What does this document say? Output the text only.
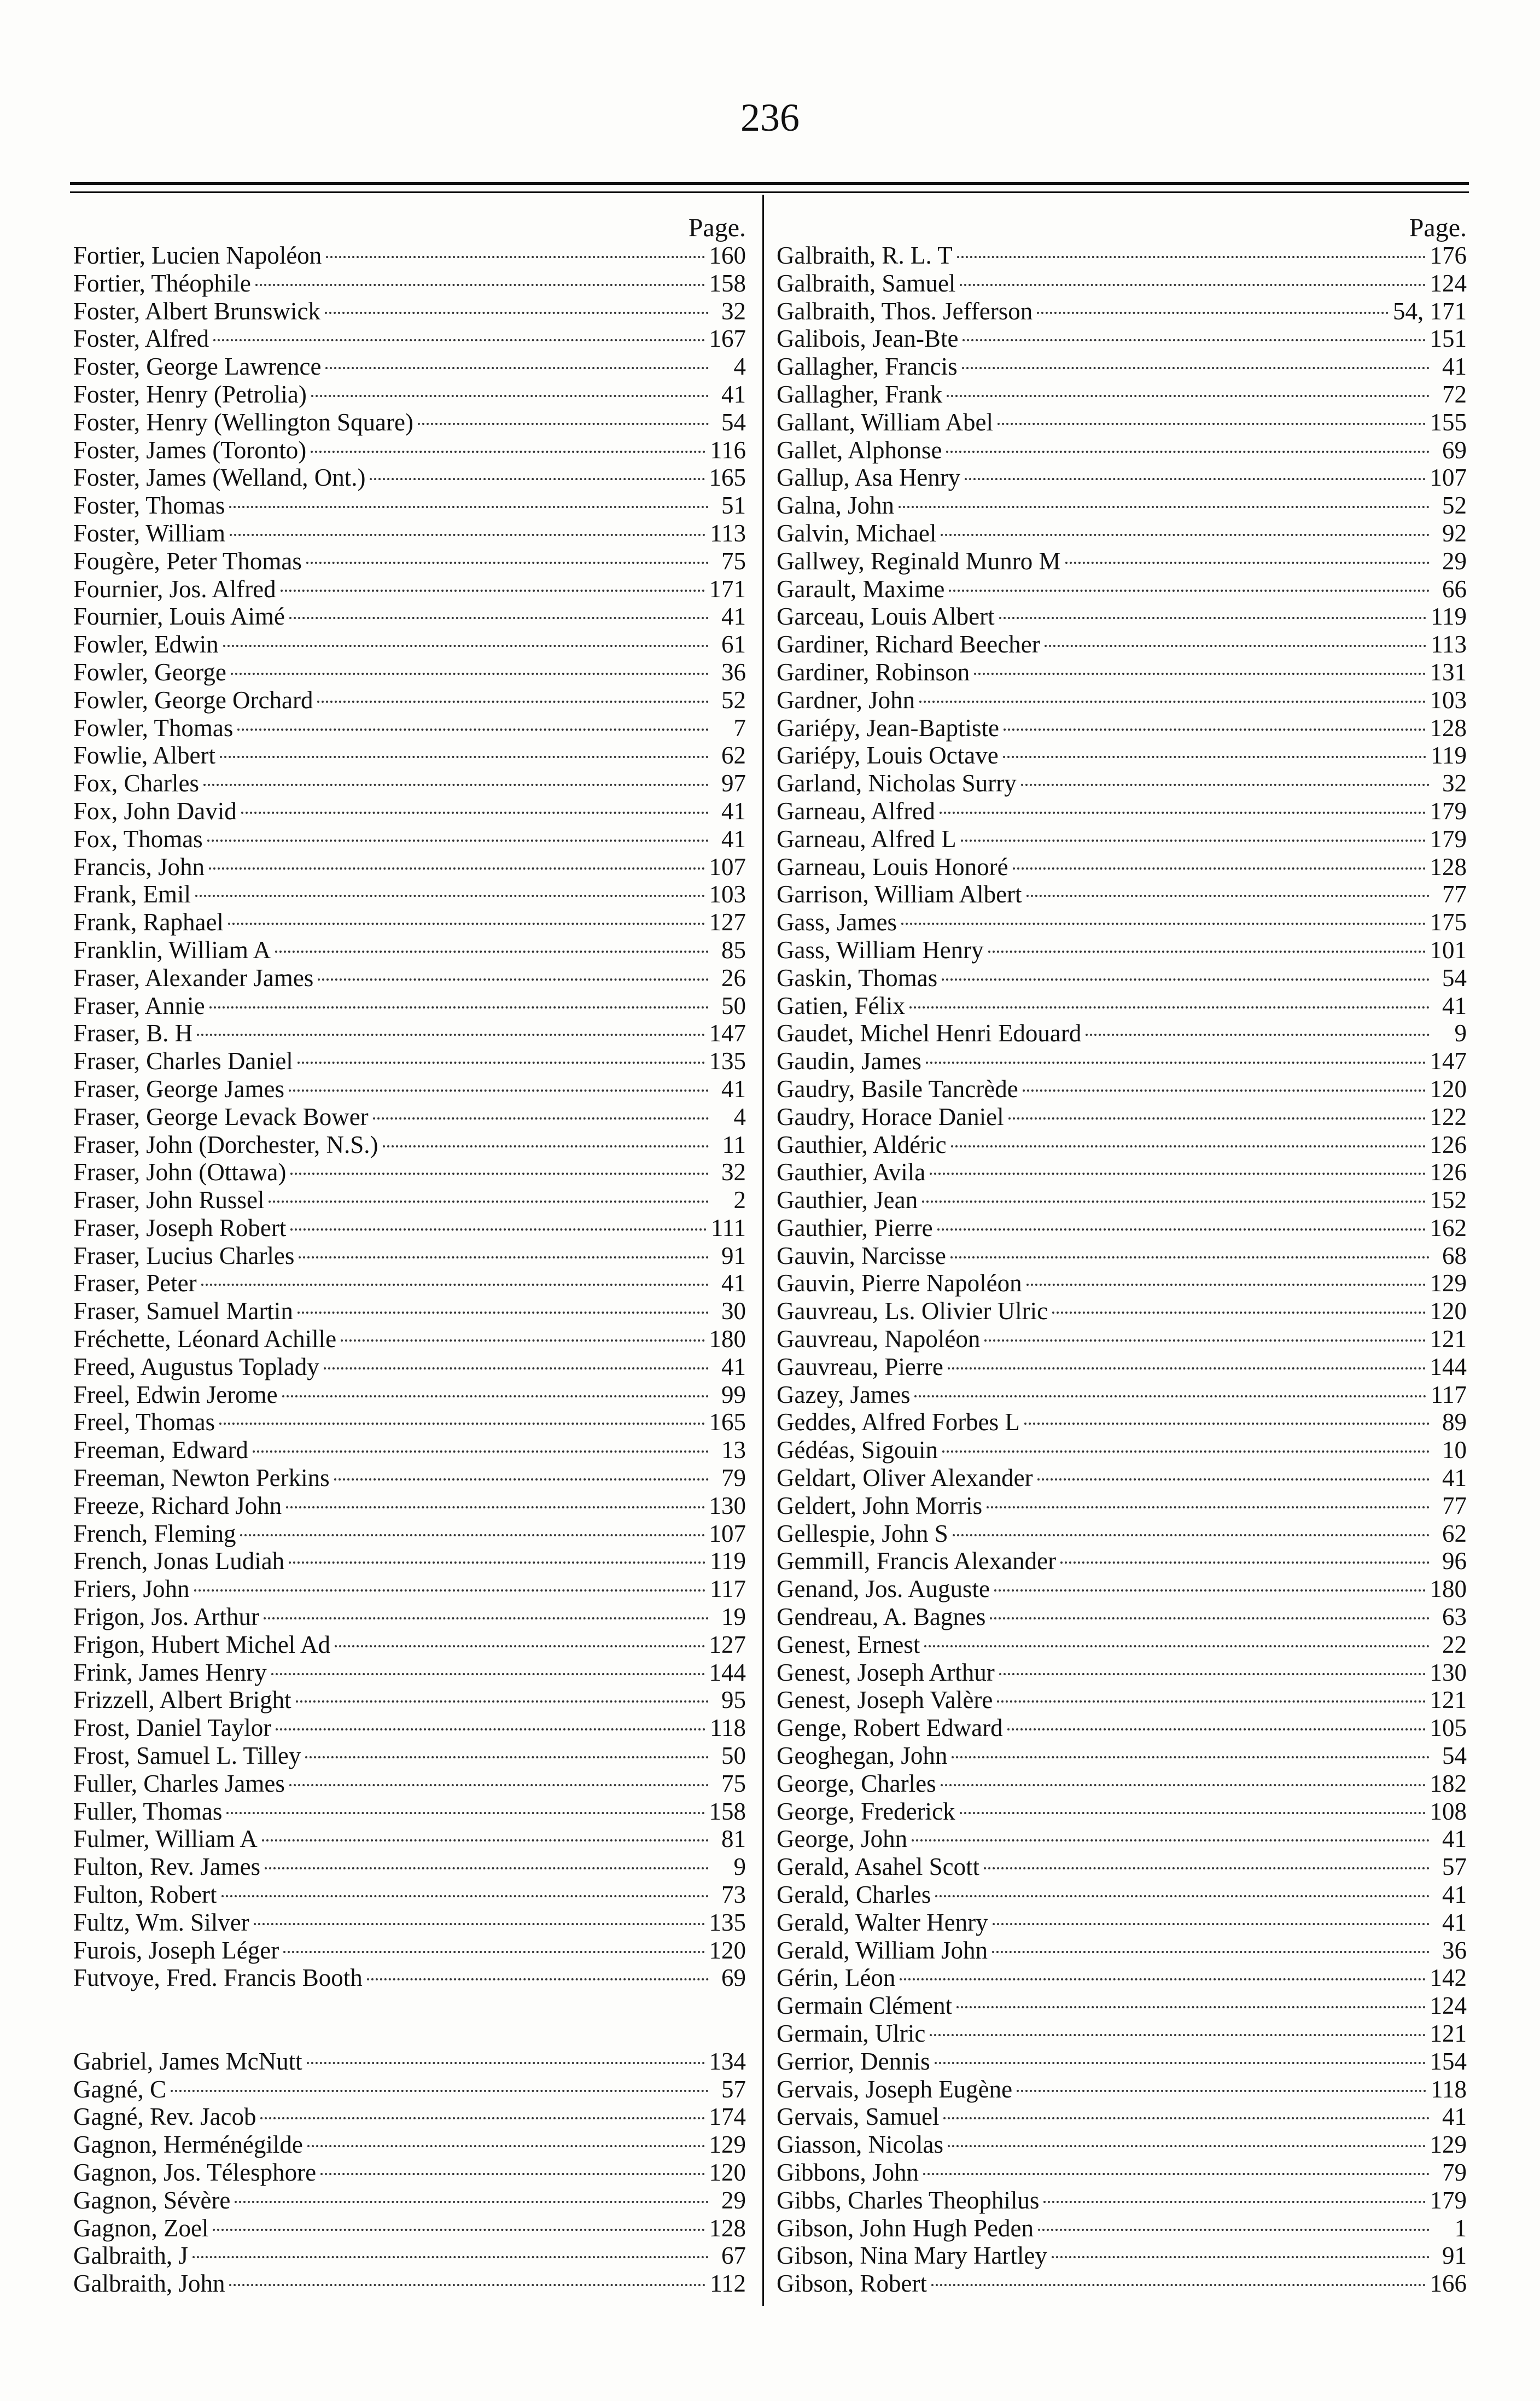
236
Page.
Fortier, Lucien Napoléon	160
Fortier, Théophile	158
Foster, Albert Brunswick	32
Foster, Alfred	167
Foster, George Lawrence	4
Foster, Henry (Petrolia)	41
Foster, Henry (Wellington Square)	54
Foster, James (Toronto)	116
Foster, James (Welland, Ont.)	165
Foster, Thomas	51
Foster, William	113
Fougère, Peter Thomas	75
Fournier, Jos. Alfred	171
Fournier, Louis Aimé	41
Fowler, Edwin	61
Fowler, George	36
Fowler, George Orchard	52
Fowler, Thomas	7
Fowlie, Albert	62
Fox, Charles	97
Fox, John David	41
Fox, Thomas	41
Francis, John	107
Frank, Emil	103
Frank, Raphael	127
Franklin, William A	85
Fraser, Alexander James	26
Fraser, Annie	50
Fraser, B. H	147
Fraser, Charles Daniel	135
Fraser, George James	41
Fraser, George Levack Bower	4
Fraser, John (Dorchester, N.S.)	11
Fraser, John (Ottawa)	32
Fraser, John Russel	2
Fraser, Joseph Robert	111
Fraser, Lucius Charles	91
Fraser, Peter	41
Fraser, Samuel Martin	30
Fréchette, Léonard Achille	180
Freed, Augustus Toplady	41
Freel, Edwin Jerome	99
Freel, Thomas	165
Freeman, Edward	13
Freeman, Newton Perkins	79
Freeze, Richard John	130
French, Fleming	107
French, Jonas Ludiah	119
Friers, John	117
Frigon, Jos. Arthur	19
Frigon, Hubert Michel Ad	127
Frink, James Henry	144
Frizzell, Albert Bright	95
Frost, Daniel Taylor	118
Frost, Samuel L. Tilley	50
Fuller, Charles James	75
Fuller, Thomas	158
Fulmer, William A	81
Fulton, Rev. James	9
Fulton, Robert	73
Fultz, Wm. Silver	135
Furois, Joseph Léger	120
Futvoye, Fred. Francis Booth	69
Gabriel, James McNutt	134
Gagné, C	57
Gagné, Rev. Jacob	174
Gagnon, Herménégilde	129
Gagnon, Jos. Télesphore	120
Gagnon, Sévère	29
Gagnon, Zoel	128
Galbraith, J	67
Galbraith, John	112
Page.
Galbraith, R. L. T	176
Galbraith, Samuel	124
Galbraith, Thos. Jefferson	54, 171
Galibois, Jean-Bte	151
Gallagher, Francis	41
Gallagher, Frank	72
Gallant, William Abel	155
Gallet, Alphonse	69
Gallup, Asa Henry	107
Galna, John	52
Galvin, Michael	92
Gallwey, Reginald Munro M	29
Garault, Maxime	66
Garceau, Louis Albert	119
Gardiner, Richard Beecher	113
Gardiner, Robinson	131
Gardner, John	103
Gariépy, Jean-Baptiste	128
Gariépy, Louis Octave	119
Garland, Nicholas Surry	32
Garneau, Alfred	179
Garneau, Alfred L	179
Garneau, Louis Honoré	128
Garrison, William Albert	77
Gass, James	175
Gass, William Henry	101
Gaskin, Thomas	54
Gatien, Félix	41
Gaudet, Michel Henri Edouard	9
Gaudin, James	147
Gaudry, Basile Tancrède	120
Gaudry, Horace Daniel	122
Gauthier, Aldéric	126
Gauthier, Avila	126
Gauthier, Jean	152
Gauthier, Pierre	162
Gauvin, Narcisse	68
Gauvin, Pierre Napoléon	129
Gauvreau, Ls. Olivier Ulric	120
Gauvreau, Napoléon	121
Gauvreau, Pierre	144
Gazey, James	117
Geddes, Alfred Forbes L	89
Gédéas, Sigouin	10
Geldart, Oliver Alexander	41
Geldert, John Morris	77
Gellespie, John S	62
Gemmill, Francis Alexander	96
Genand, Jos. Auguste	180
Gendreau, A. Bagnes	63
Genest, Ernest	22
Genest, Joseph Arthur	130
Genest, Joseph Valère	121
Genge, Robert Edward	105
Geoghegan, John	54
George, Charles	182
George, Frederick	108
George, John	41
Gerald, Asahel Scott	57
Gerald, Charles	41
Gerald, Walter Henry	41
Gerald, William John	36
Gérin, Léon	142
Germain Clément	124
Germain, Ulric	121
Gerrior, Dennis	154
Gervais, Joseph Eugène	118
Gervais, Samuel	41
Giasson, Nicolas	129
Gibbons, John	79
Gibbs, Charles Theophilus	179
Gibson, John Hugh Peden	1
Gibson, Nina Mary Hartley	91
Gibson, Robert	166
